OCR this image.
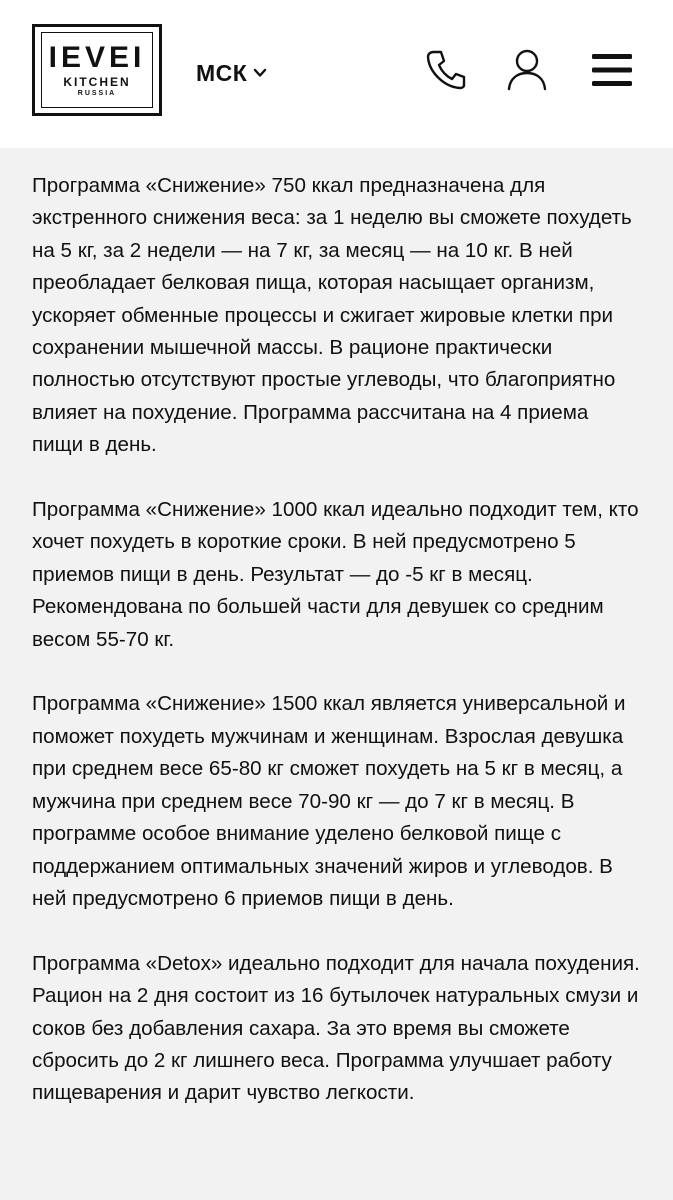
IEVEI
KITCHEN
RUSSIA
МСК

Программа «Снижение» 750 ккал предназначена для экстренного снижения веса: за 1 неделю вы сможете похудеть на 5 кг, за 2 недели — на 7 кг, за месяц — на 10 кг. В ней преобладает белковая пища, которая насыщает организм, ускоряет обменные процессы и сжигает жировые клетки при сохранении мышечной массы. В рационе практически полностью отсутствуют простые углеводы, что благоприятно влияет на похудение. Программа рассчитана на 4 приема пищи в день.

Программа «Снижение» 1000 ккал идеально подходит тем, кто хочет похудеть в короткие сроки. В ней предусмотрено 5 приемов пищи в день. Результат — до -5 кг в месяц. Рекомендована по большей части для девушек со средним весом 55-70 кг.

Программа «Снижение» 1500 ккал является универсальной и поможет похудеть мужчинам и женщинам. Взрослая девушка при среднем весе 65-80 кг сможет похудеть на 5 кг в месяц, а мужчина при среднем весе 70-90 кг — до 7 кг в месяц. В программе особое внимание уделено белковой пище с поддержанием оптимальных значений жиров и углеводов. В ней предусмотрено 6 приемов пищи в день.

Программа «Detox» идеально подходит для начала похудения. Рацион на 2 дня состоит из 16 бутылочек натуральных смузи и соков без добавления сахара. За это время вы сможете сбросить до 2 кг лишнего веса. Программа улучшает работу пищеварения и дарит чувство легкости.
